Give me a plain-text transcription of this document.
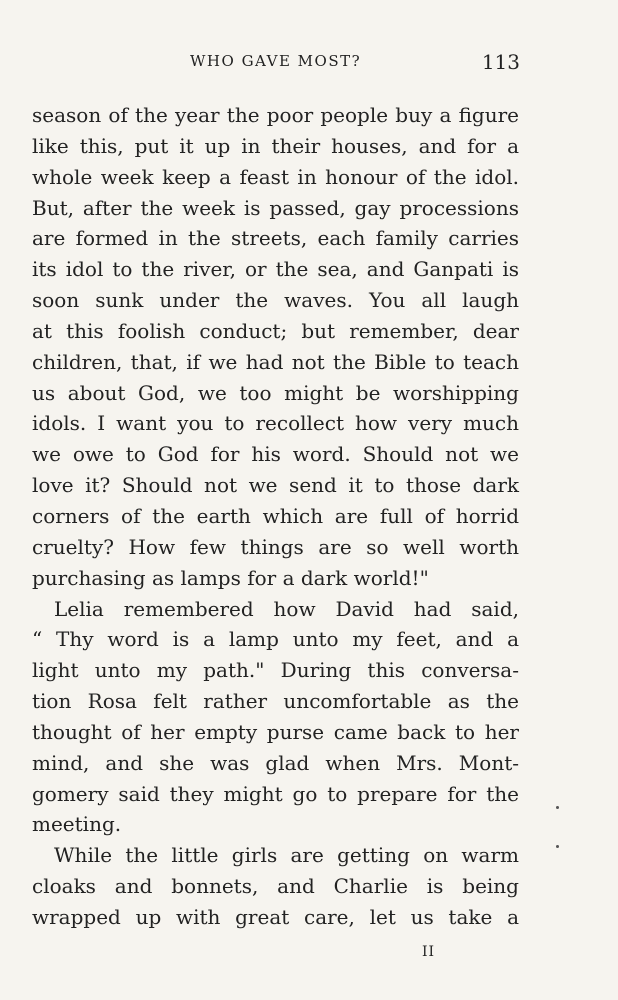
WHO GAVE MOST?	113
season of the year the poor people buy a figure
like this, put it up in their houses, and for a
whole week keep a feast in honour of the idol.
But, after the week is passed, gay processions
are formed in the streets, each family carries
its idol to the river, or the sea, and Ganpati is
soon sunk under the waves. You all laugh
at this foolish conduct; but remember, dear
children, that, if we had not the Bible to teach
us about God, we too might be worshipping
idols. I want you to recollect how very much
we owe to God for his word. Should not we
love it? Should not we send it to those dark
corners of the earth which are full of horrid
cruelty? How few things are so well worth
purchasing as lamps for a dark world!"
Lelia remembered how David had said,
“ Thy word is a lamp unto my feet, and a
light unto my path." During this conversa-
tion Rosa felt rather uncomfortable as the
thought of her empty purse came back to her
mind, and she was glad when Mrs. Mont-
gomery said they might go to prepare for the
meeting.
While the little girls are getting on warm
cloaks and bonnets, and Charlie is being
wrapped up with great care, let us take a
II
